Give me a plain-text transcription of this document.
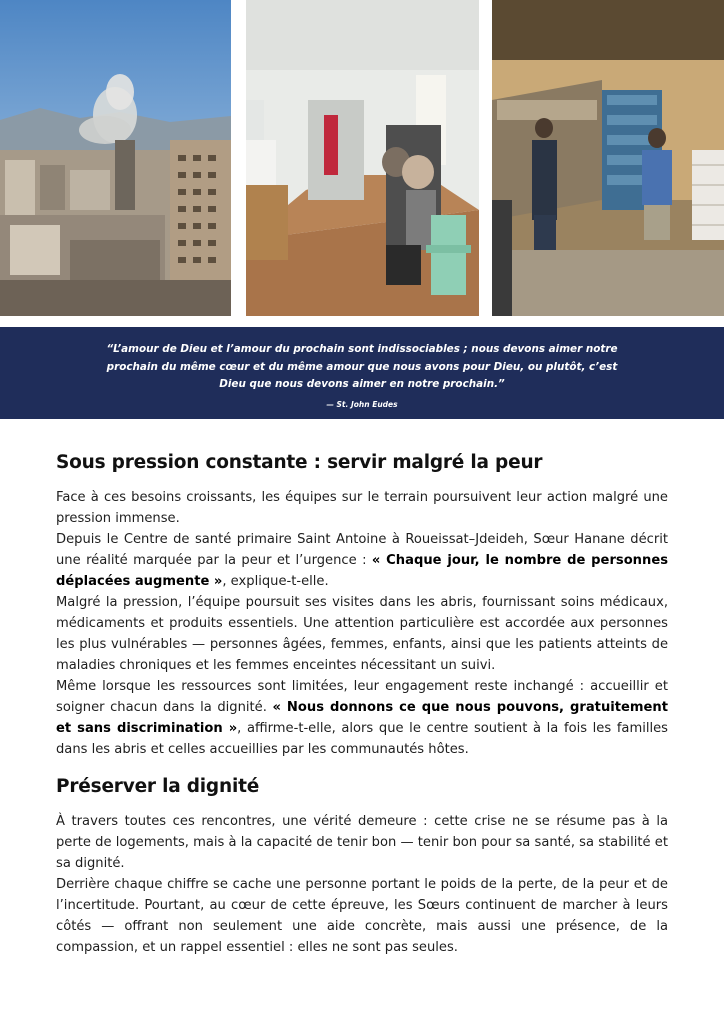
“L’amour de Dieu et l’amour du prochain sont indissociables ; nous devons aimer notre
prochain du même cœur et du même amour que nous avons pour Dieu, ou plutôt, c’est
Dieu que nous devons aimer en notre prochain.”
— St. John Eudes
Sous pression constante : servir malgré la peur

Face à ces besoins croissants, les équipes sur le terrain poursuivent leur action malgré une pression immense.

Depuis le Centre de santé primaire Saint Antoine à Roueissat–Jdeideh, Sœur Hanane décrit une réalité marquée par la peur et l’urgence : « Chaque jour, le nombre de personnes déplacées augmente », explique-t-elle.

Malgré la pression, l’équipe poursuit ses visites dans les abris, fournissant soins médicaux, médicaments et produits essentiels. Une attention particulière est accordée aux personnes les plus vulnérables — personnes âgées, femmes, enfants, ainsi que les patients atteints de maladies chroniques et les femmes enceintes nécessitant un suivi.

Même lorsque les ressources sont limitées, leur engagement reste inchangé : accueillir et soigner chacun dans la dignité. « Nous donnons ce que nous pouvons, gratuitement et sans discrimination », affirme-t-elle, alors que le centre soutient à la fois les familles dans les abris et celles accueillies par les communautés hôtes.

Préserver la dignité

À travers toutes ces rencontres, une vérité demeure : cette crise ne se résume pas à la perte de logements, mais à la capacité de tenir bon — tenir bon pour sa santé, sa stabilité et sa dignité.

Derrière chaque chiffre se cache une personne portant le poids de la perte, de la peur et de l’incertitude. Pourtant, au cœur de cette épreuve, les Sœurs continuent de marcher à leurs côtés — offrant non seulement une aide concrète, mais aussi une présence, de la compassion, et un rappel essentiel : elles ne sont pas seules.
